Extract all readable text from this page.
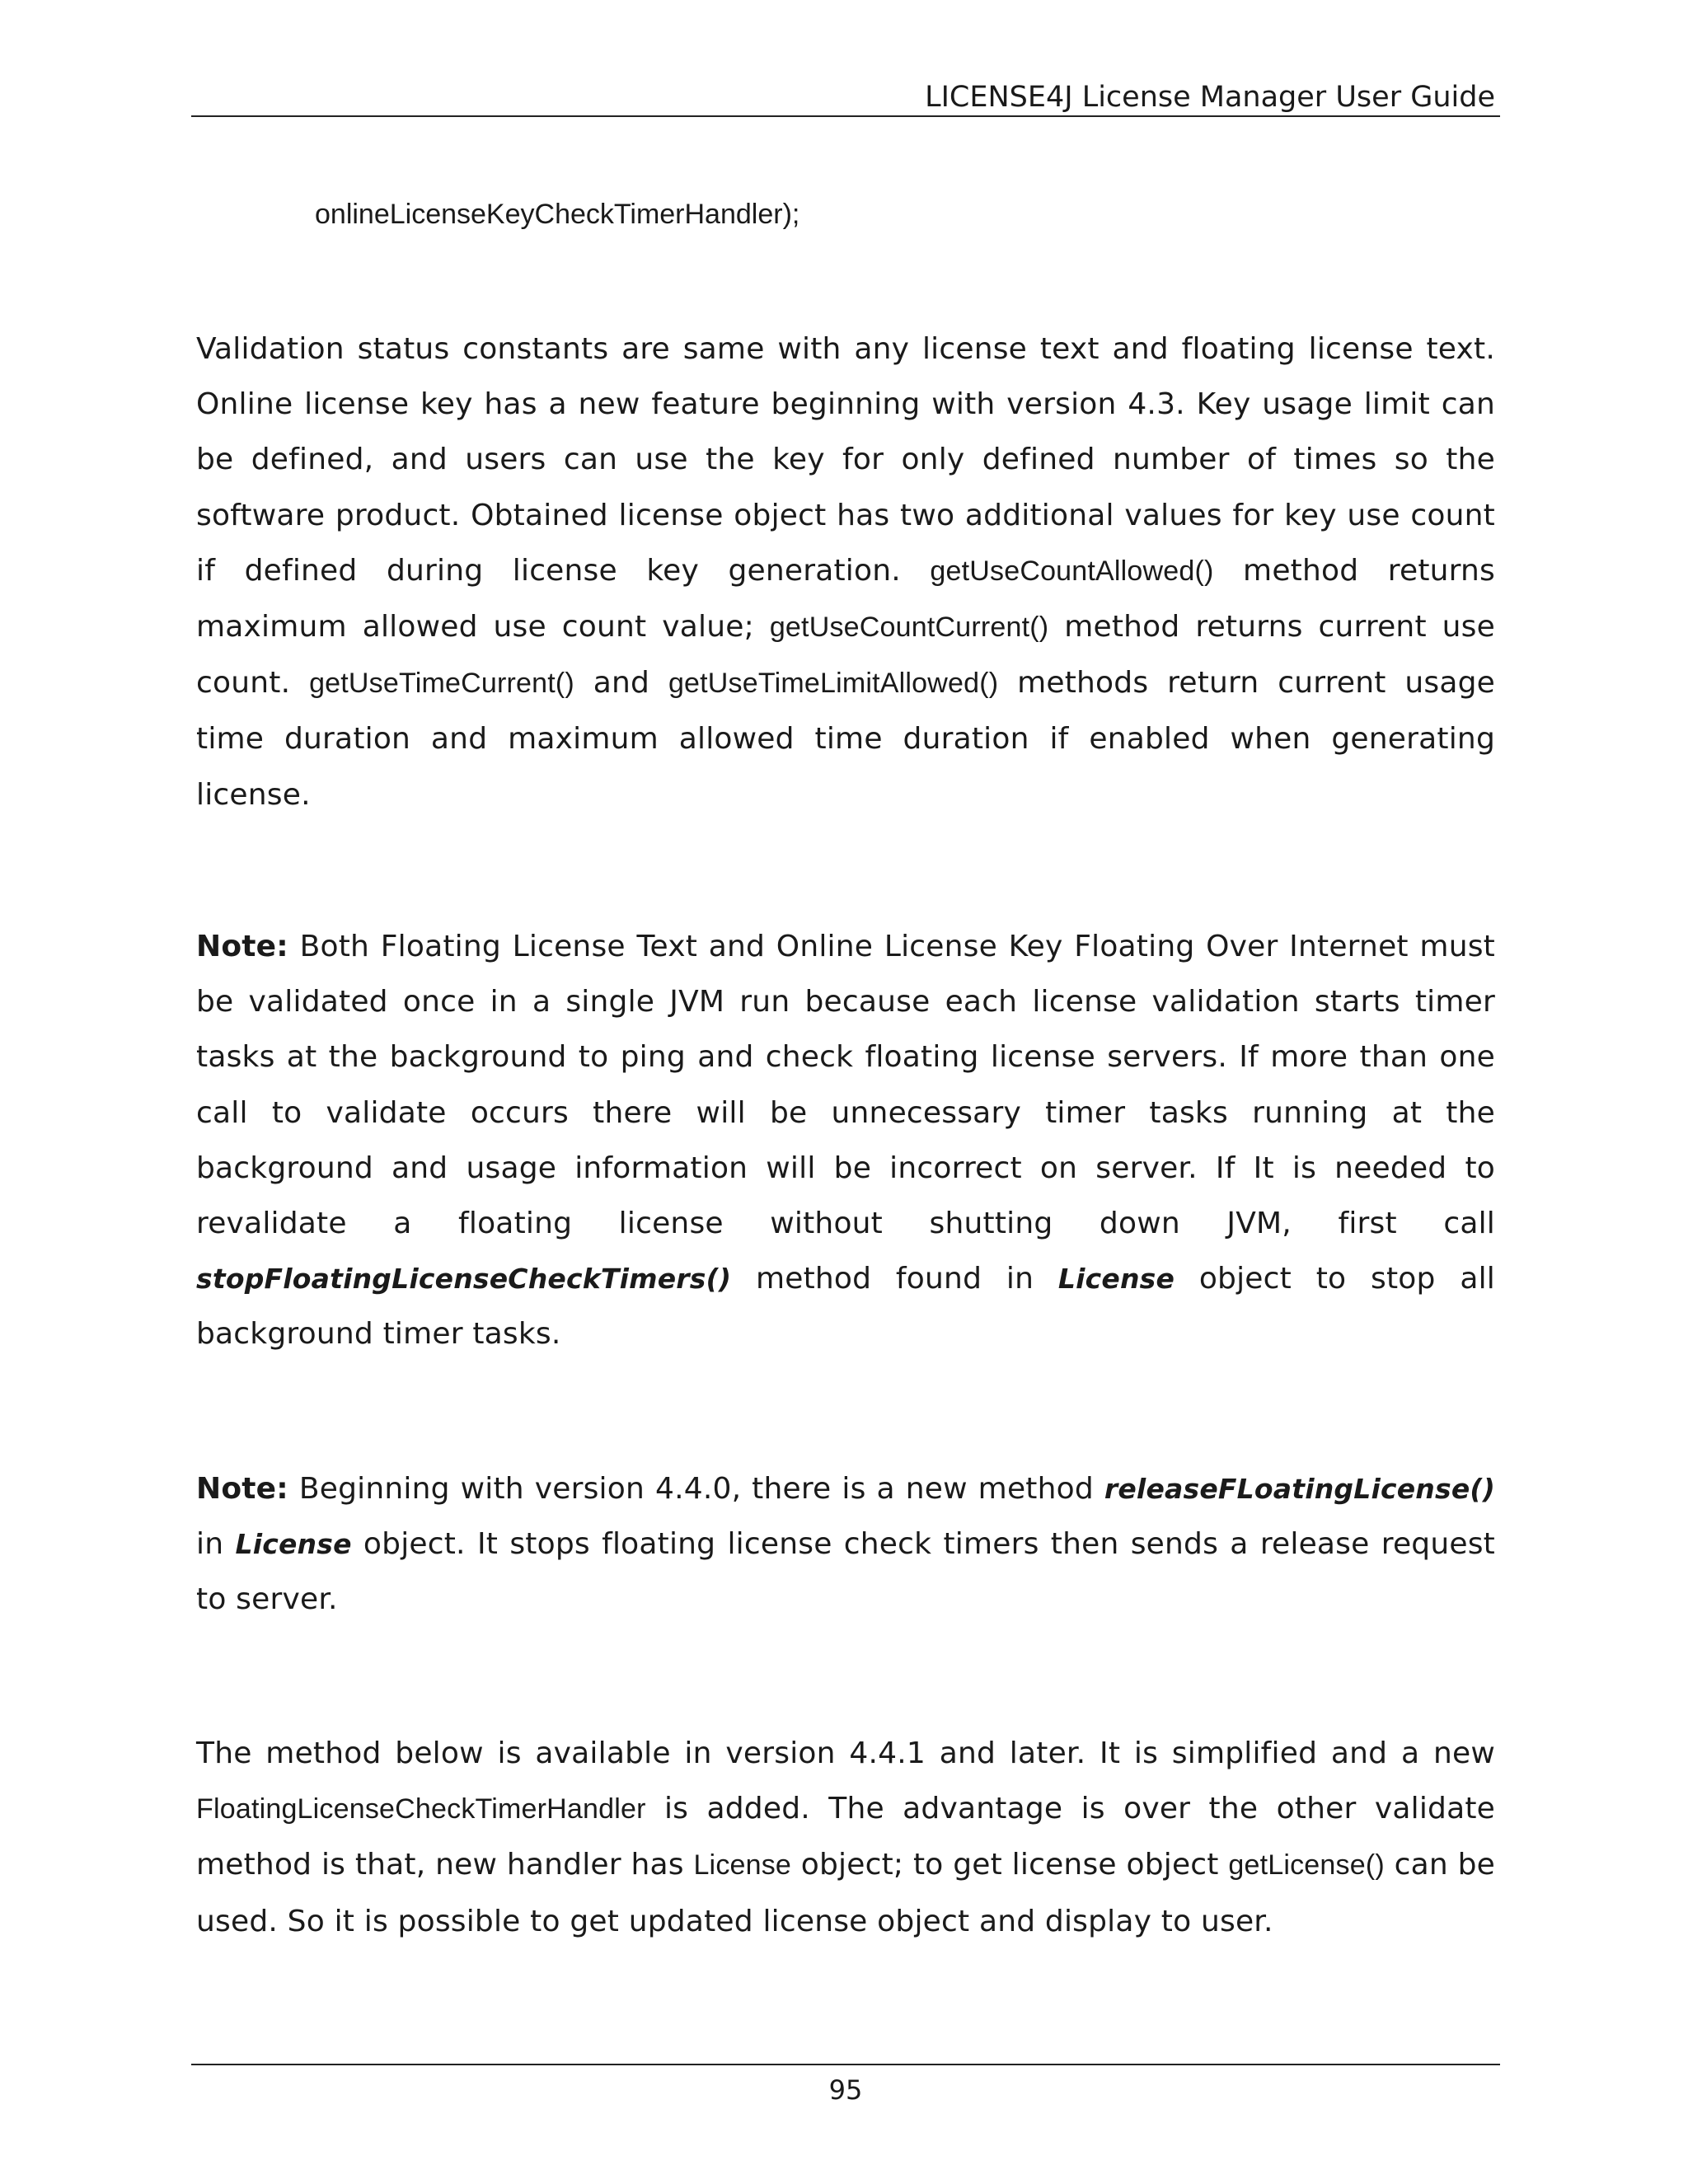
LICENSE4J License Manager User Guide
onlineLicenseKeyCheckTimerHandler);

Validation status constants are same with any license text and floating license text. Online license key has a new feature beginning with version 4.3. Key usage limit can be defined, and users can use the key for only defined number of times so the software product. Obtained license object has two additional values for key use count if defined during license key generation. getUseCountAllowed() method returns maximum allowed use count value; getUseCountCurrent() method returns current use count. getUseTimeCurrent() and getUseTimeLimitAllowed() methods return current usage time duration and maximum allowed time duration if enabled when generating license.

Note: Both Floating License Text and Online License Key Floating Over Internet must be validated once in a single JVM run because each license validation starts timer tasks at the background to ping and check floating license servers. If more than one call to validate occurs there will be unnecessary timer tasks running at the background and usage information will be incorrect on server. If It is needed to revalidate a floating license without shutting down JVM, first call stopFloatingLicenseCheckTimers() method found in License object to stop all background timer tasks.

Note: Beginning with version 4.4.0, there is a new method releaseFLoatingLicense() in License object. It stops floating license check timers then sends a release request to server.

The method below is available in version 4.4.1 and later. It is simplified and a new FloatingLicenseCheckTimerHandler is added. The advantage is over the other validate method is that, new handler has License object; to get license object getLicense() can be used. So it is possible to get updated license object and display to user.

95
